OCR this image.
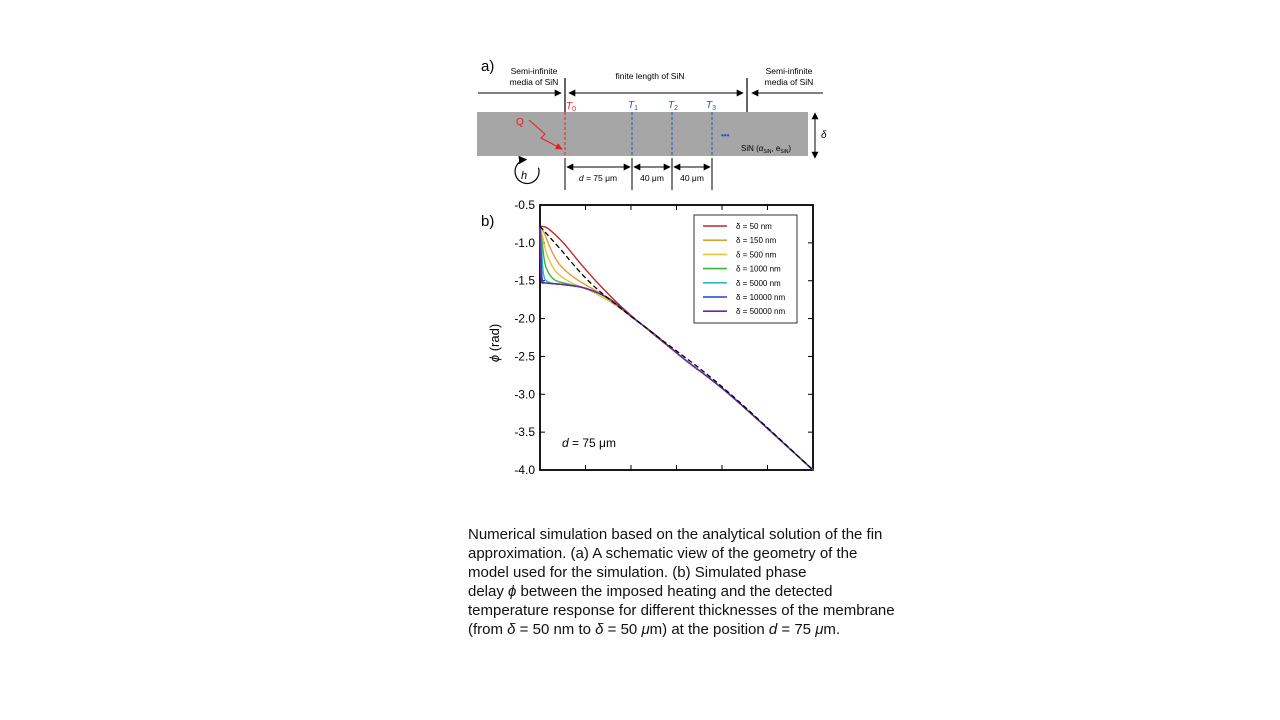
a) Semi-infinite
media of SiN
finite length of SiN	Semi-infinite
media of SiN
$T_0$	$T_1$	$T_2$	$T_3$
•••
Q
SiN ($\alpha_{SiN}$, $e_{SiN}$)
δ
h	d = 75 μm	40 μm 40 μm
b)
ϕ (rad)
-0.5
-1.0
-1.5
-2.0
-2.5
-3.0
-3.5
-4.0
d = 75 μm
δ = 50 nm
δ = 150 nm
δ = 500 nm
δ = 1000 nm
δ = 5000 nm
δ = 10000 nm
δ = 50000 nm

Numerical simulation based on the analytical solution of the fin

approximation. (a) A schematic view of the geometry of the

model used for the simulation. (b) Simulated phase

delay ϕ between the imposed heating and the detected

temperature response for different thicknesses of the membrane

(from δ = 50 nm to δ = 50 μm) at the position d = 75 μm.
